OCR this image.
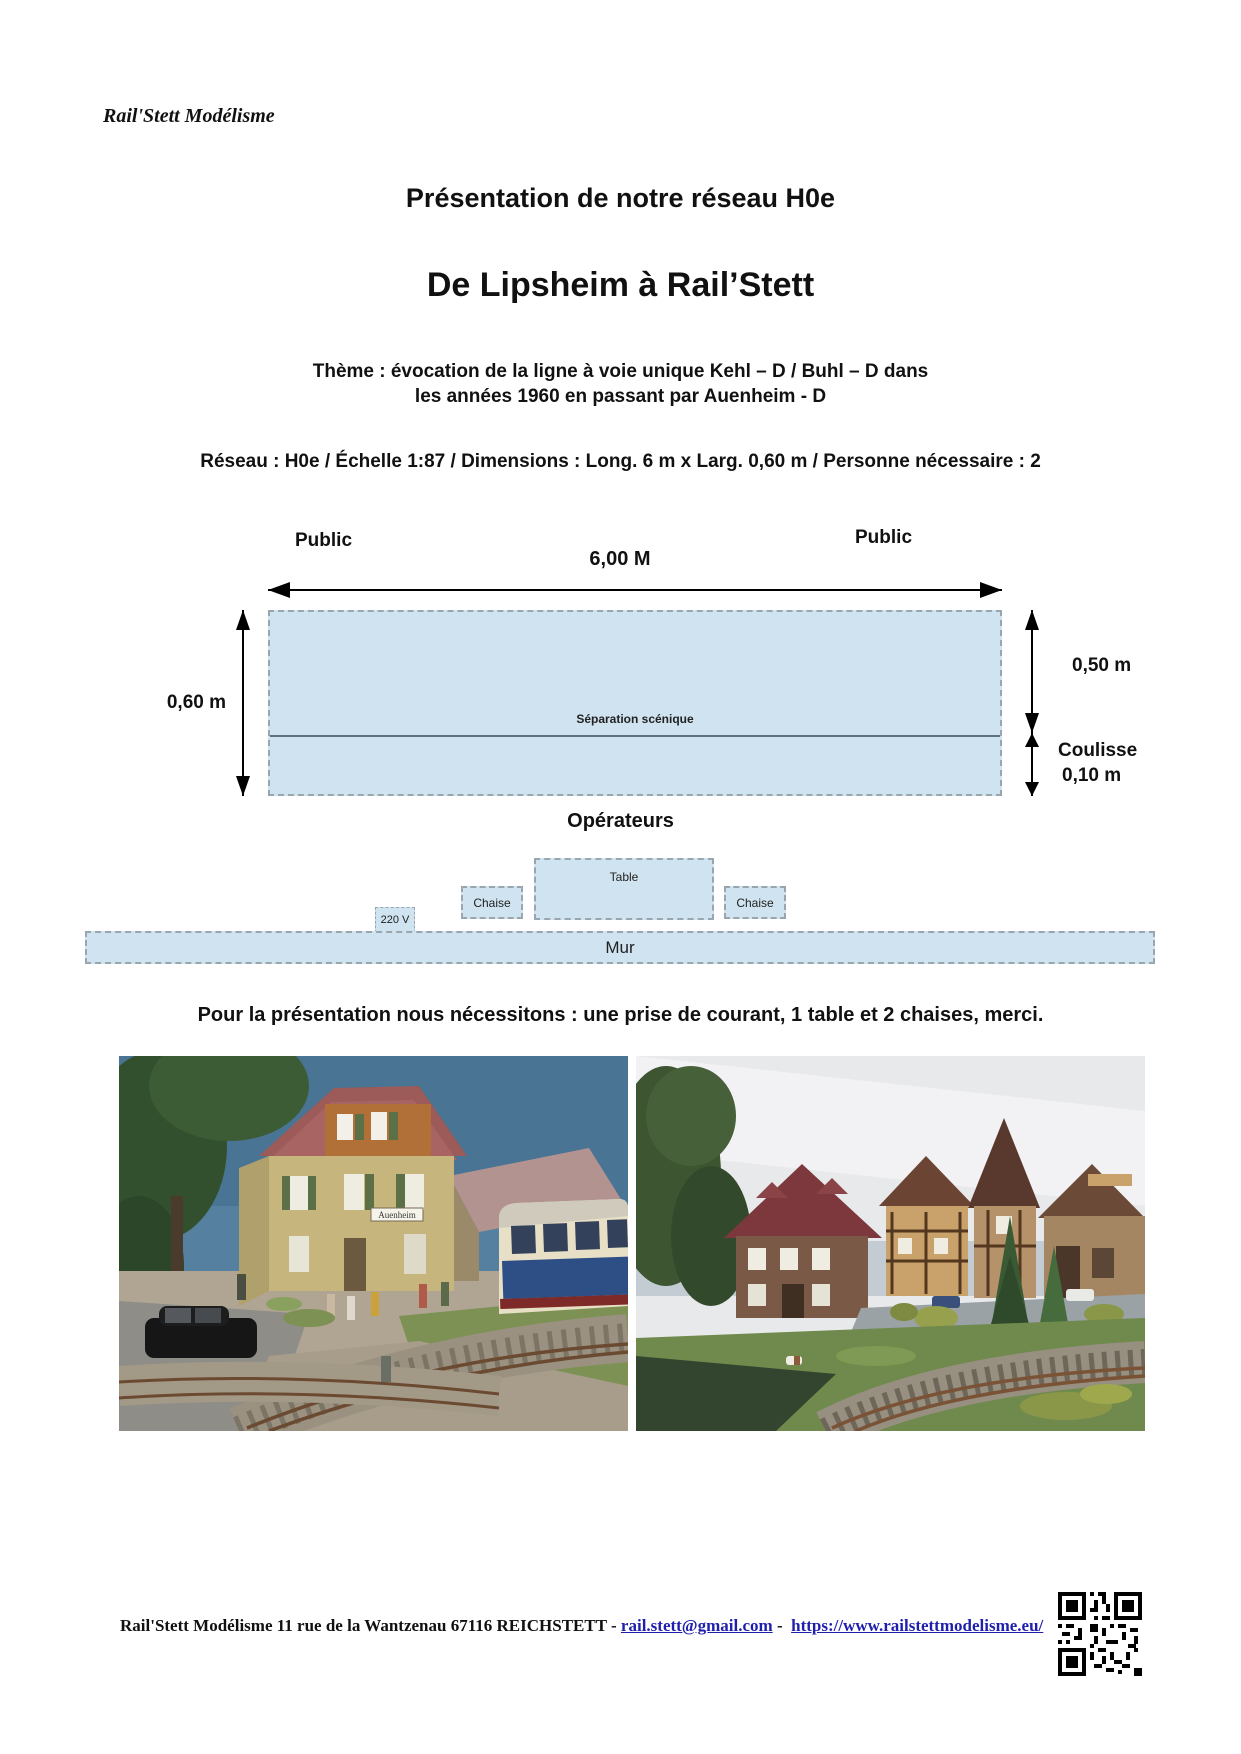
Rail'Stett Modélisme
Présentation de notre réseau H0e
De Lipsheim à Rail’Stett
Thème : évocation de la ligne à voie unique Kehl – D / Buhl – D dans
les années 1960 en passant par Auenheim - D
Réseau : H0e / Échelle 1:87 / Dimensions : Long. 6 m x Larg. 0,60 m / Personne nécessaire : 2
Public	Public
6,00 M
Séparation scénique
0,60 m
0,50 m
Coulisse
0,10 m
Opérateurs
Table
Chaise	Chaise
220 V
Mur
Pour la présentation nous nécessitons : une prise de courant, 1 table et 2 chaises, merci.
Auenheim
Rail'Stett Modélisme 11 rue de la Wantzenau 67116 REICHSTETT - rail.stett@gmail.com - https://www.railstettmodelisme.eu/
